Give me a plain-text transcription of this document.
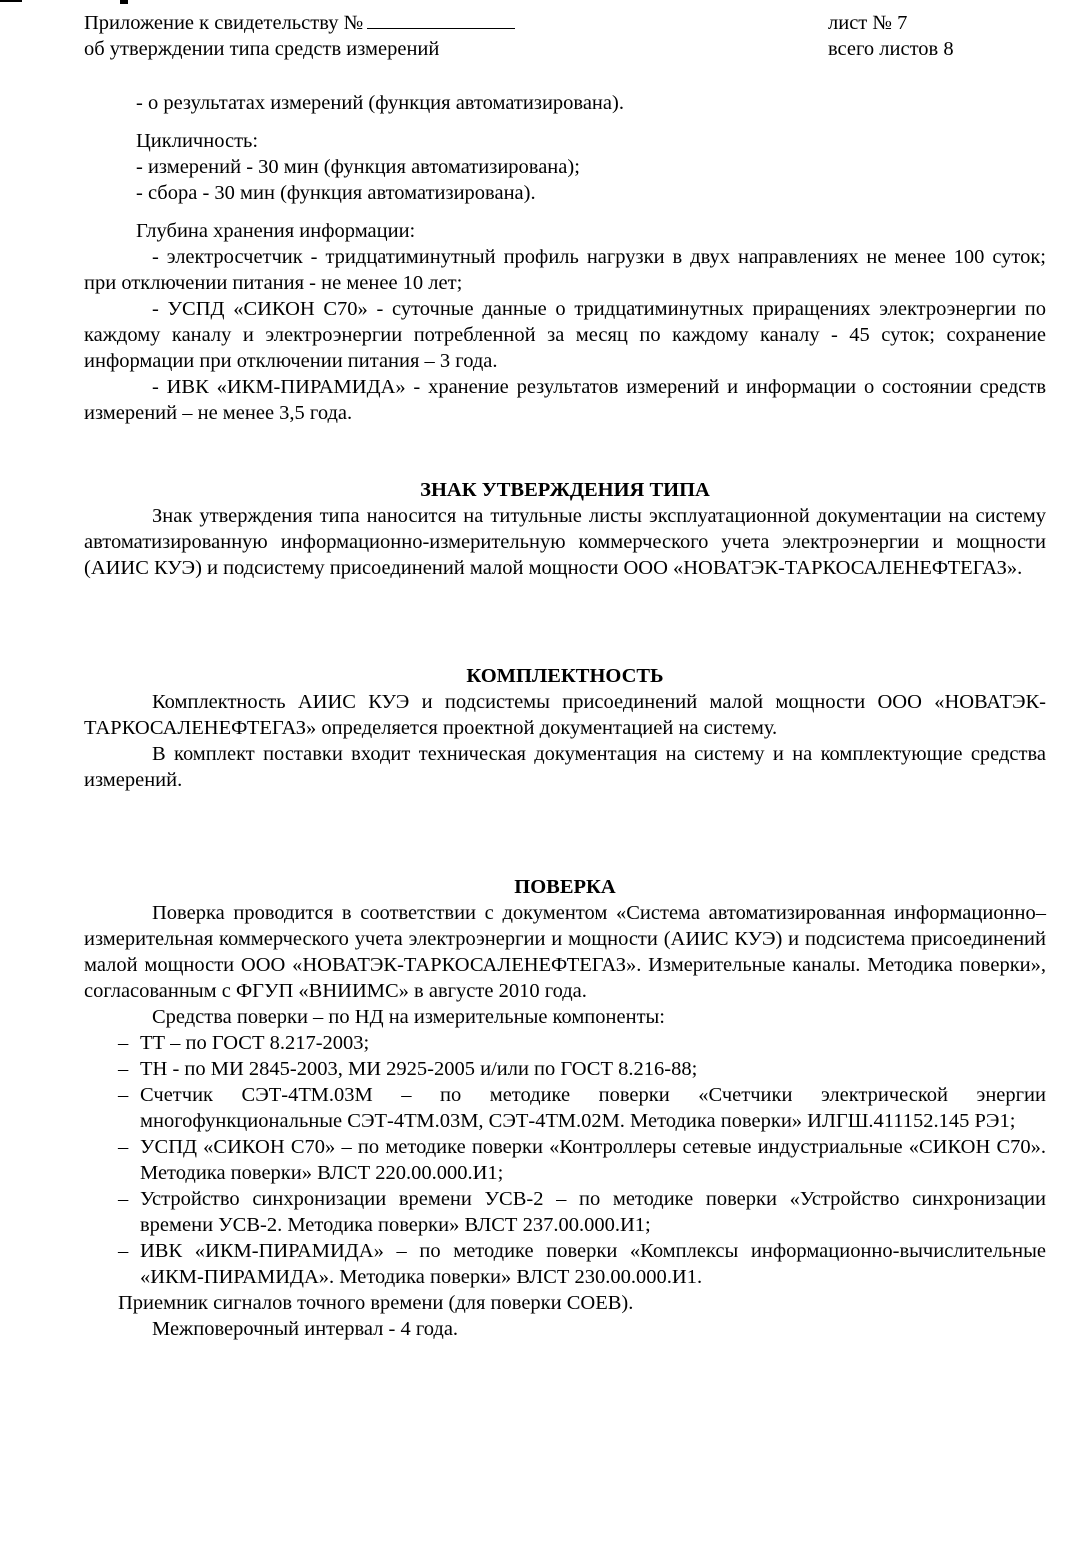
Приложение к свидетельству №
об утверждении типа средств измерений
лист № 7
всего листов 8
- о результатах измерений (функция автоматизирована).
Цикличность:
- измерений - 30 мин (функция автоматизирована);
- сбора - 30 мин (функция автоматизирована).
Глубина хранения информации:
- электросчетчик - тридцатиминутный профиль нагрузки в двух направлениях не менее 100 суток; при отключении питания - не менее 10 лет;
- УСПД «СИКОН С70» - суточные данные о тридцатиминутных приращениях электроэнергии по каждому каналу и электроэнергии потребленной за месяц по каждому каналу - 45 суток; сохранение информации при отключении питания – 3 года.
- ИВК «ИКМ-ПИРАМИДА» - хранение результатов измерений и информации о состоянии средств измерений – не менее 3,5 года.
ЗНАК УТВЕРЖДЕНИЯ ТИПА
Знак утверждения типа наносится на титульные листы эксплуатационной документации на систему автоматизированную информационно-измерительную коммерческого учета электроэнергии и мощности (АИИС КУЭ) и подсистему присоединений малой мощности ООО «НОВАТЭК-ТАРКОСАЛЕНЕФТЕГАЗ».
КОМПЛЕКТНОСТЬ
Комплектность АИИС КУЭ и подсистемы присоединений малой мощности ООО «НОВАТЭК-ТАРКОСАЛЕНЕФТЕГАЗ» определяется проектной документацией на систему.
В комплект поставки входит техническая документация на систему и на комплектующие средства измерений.
ПОВЕРКА
Поверка проводится в соответствии с документом «Система автоматизированная информационно–измерительная коммерческого учета электроэнергии и мощности (АИИС КУЭ) и подсистема присоединений малой мощности ООО «НОВАТЭК-ТАРКОСАЛЕНЕФТЕГАЗ». Измерительные каналы. Методика поверки», согласованным с ФГУП «ВНИИМС» в августе 2010 года.
Средства поверки – по НД на измерительные компоненты:
– ТТ – по ГОСТ 8.217-2003;
– ТН - по МИ 2845-2003, МИ 2925-2005 и/или по ГОСТ 8.216-88;
– Счетчик СЭТ-4ТМ.03М – по методике поверки «Счетчики электрической энергии многофункциональные СЭТ-4ТМ.03М, СЭТ-4ТМ.02М. Методика поверки» ИЛГШ.411152.145 РЭ1;
– УСПД «СИКОН С70» – по методике поверки «Контроллеры сетевые индустриальные «СИКОН С70». Методика поверки» ВЛСТ 220.00.000.И1;
– Устройство синхронизации времени УСВ-2 – по методике поверки «Устройство синхронизации времени УСВ-2. Методика поверки» ВЛСТ 237.00.000.И1;
– ИВК «ИКМ-ПИРАМИДА» – по методике поверки «Комплексы информационно-вычислительные «ИКМ-ПИРАМИДА». Методика поверки» ВЛСТ 230.00.000.И1.
Приемник сигналов точного времени (для поверки СОЕВ).
Межповерочный интервал - 4 года.
